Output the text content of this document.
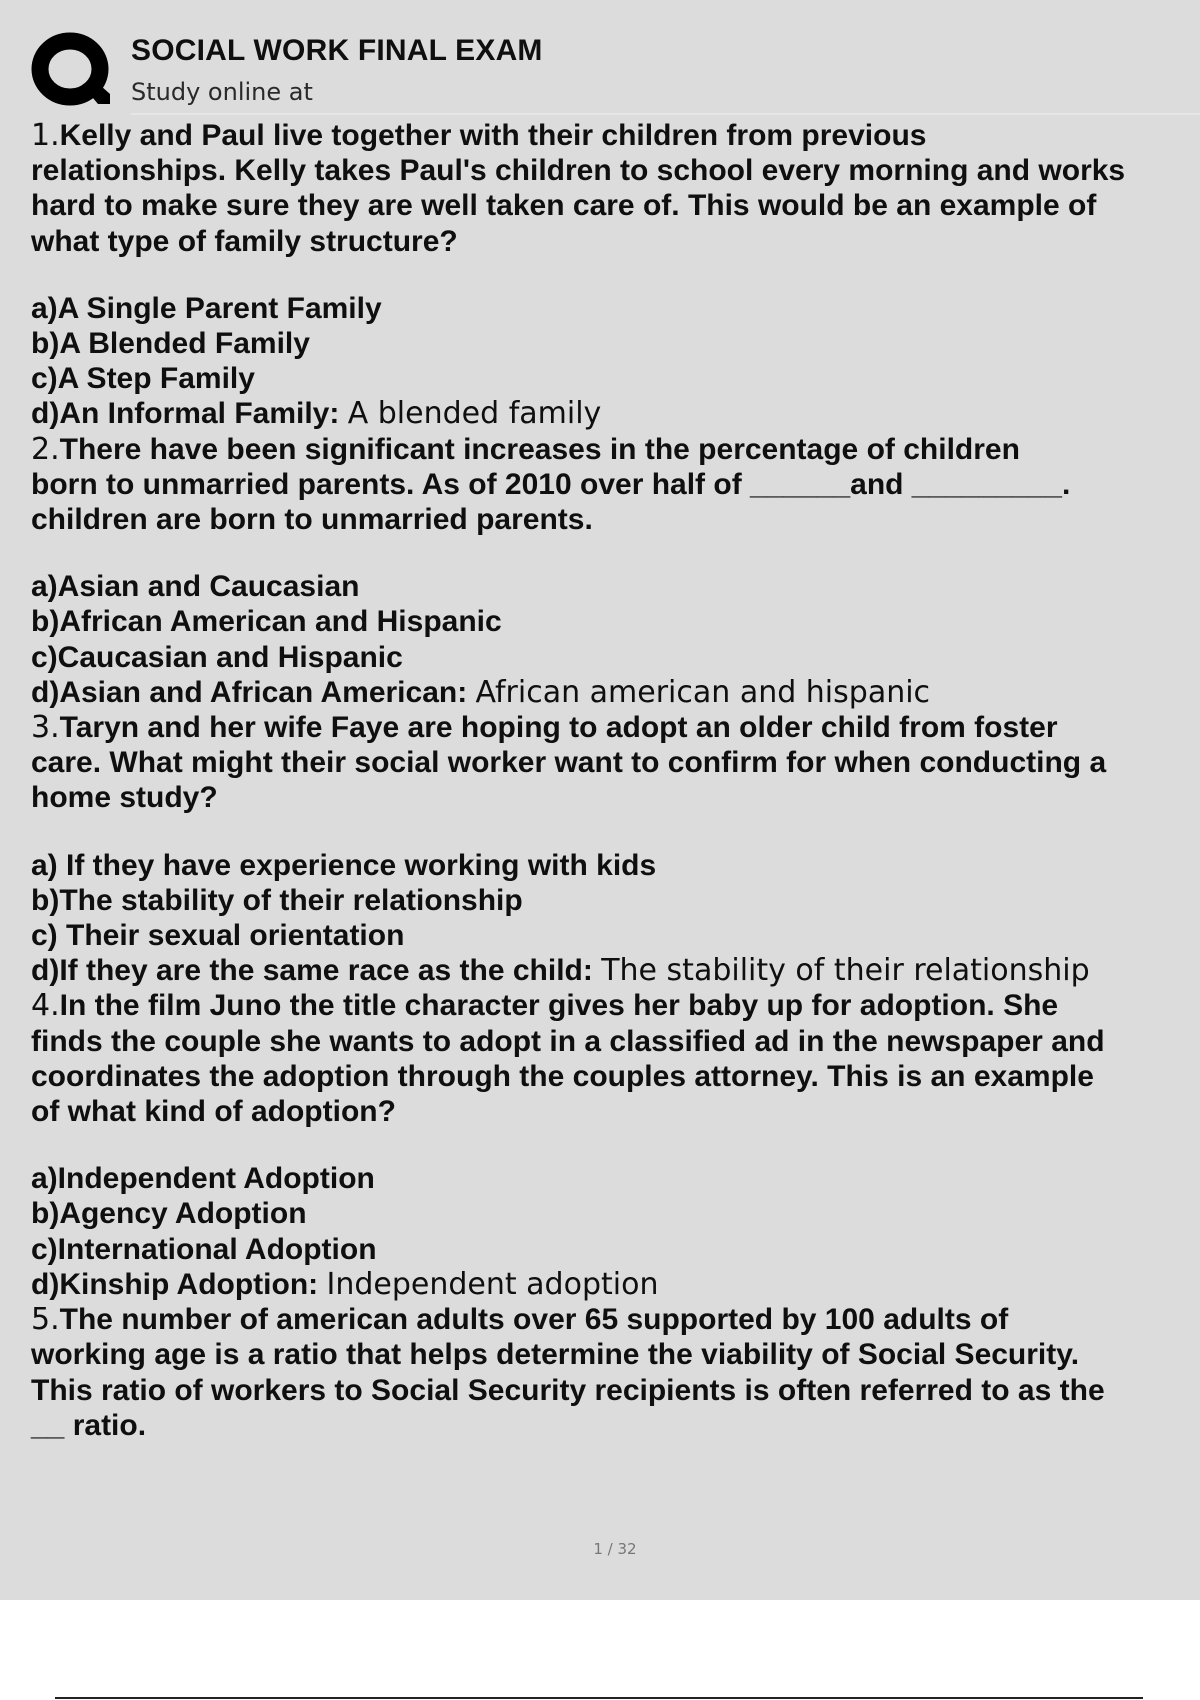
SOCIAL WORK FINAL EXAM
Study online at
1.Kelly and Paul live together with their children from previous
relationships. Kelly takes Paul's children to school every morning and works
hard to make sure they are well taken care of. This would be an example of
what type of family structure?
a)A Single Parent Family
b)A Blended Family
c)A Step Family
d)An Informal Family: A blended family
2.There have been significant increases in the percentage of children
born to unmarried parents. As of 2010 over half of ______and _________.
children are born to unmarried parents.
a)Asian and Caucasian
b)African American and Hispanic
c)Caucasian and Hispanic
d)Asian and African American: African american and hispanic
3.Taryn and her wife Faye are hoping to adopt an older child from foster
care. What might their social worker want to confirm for when conducting a
home study?
a) If they have experience working with kids
b)The stability of their relationship
c) Their sexual orientation
d)If they are the same race as the child: The stability of their relationship
4.In the film Juno the title character gives her baby up for adoption. She
finds the couple she wants to adopt in a classified ad in the newspaper and
coordinates the adoption through the couples attorney. This is an example
of what kind of adoption?
a)Independent Adoption
b)Agency Adoption
c)International Adoption
d)Kinship Adoption: Independent adoption
5.The number of american adults over 65 supported by 100 adults of
working age is a ratio that helps determine the viability of Social Security.
This ratio of workers to Social Security recipients is often referred to as the
__ ratio.
1 / 32
